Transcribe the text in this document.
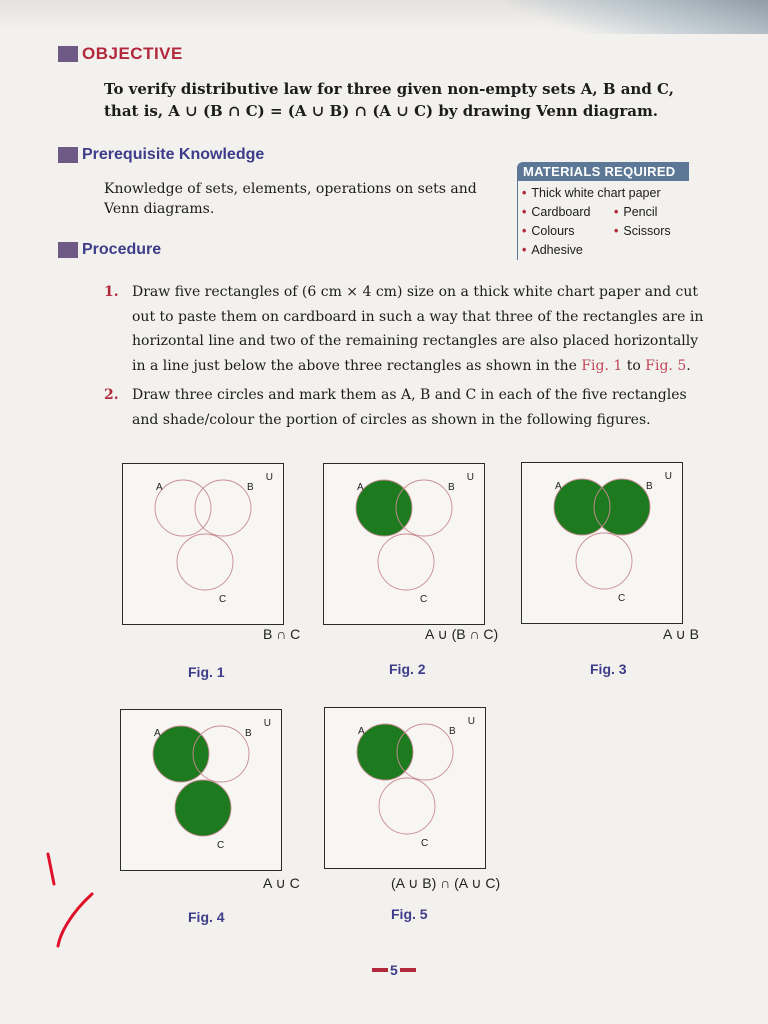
OBJECTIVE
To verify distributive law for three given non-empty sets A, B and C, that is, A ∪ (B ∩ C) = (A ∪ B) ∩ (A ∪ C) by drawing Venn diagram.
Prerequisite Knowledge
Knowledge of sets, elements, operations on sets and Venn diagrams.
MATERIALS REQUIRED
• Thick white chart paper
• Cardboard • Pencil
• Colours	• Scissors
• Adhesive
Procedure
1. Draw five rectangles of (6 cm × 4 cm) size on a thick white chart paper and cut out to paste them on cardboard in such a way that three of the rectangles are in horizontal line and two of the remaining rectangles are also placed horizontally in a line just below the above three rectangles as shown in the Fig. 1 to Fig. 5.
2. Draw three circles and mark them as A, B and C in each of the five rectangles and shade/colour the portion of circles as shown in the following figures.
U
A	B
C
U
A	B
C
U
A	B
C
U
A	B
C
U
A	B
C
B ∩ C	A ∪ (B ∩ C)	A ∪ B
A ∪ C	(A ∪ B) ∩ (A ∪ C)
Fig. 1	Fig. 2	Fig. 3
Fig. 4	Fig. 5
5
